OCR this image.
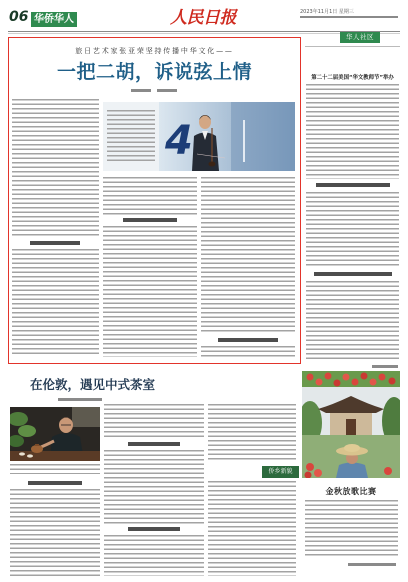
06 华侨华人	人民日报	2023年11月1日 星期三
旅日艺术家张亚荣坚持传播中华文化——
一把二胡，诉说弦上情
4
华人社区
第二十二届美国“华文教师节”举办
在伦敦，遇见中式茶室
侨乡新貌
金秋放歌比赛
